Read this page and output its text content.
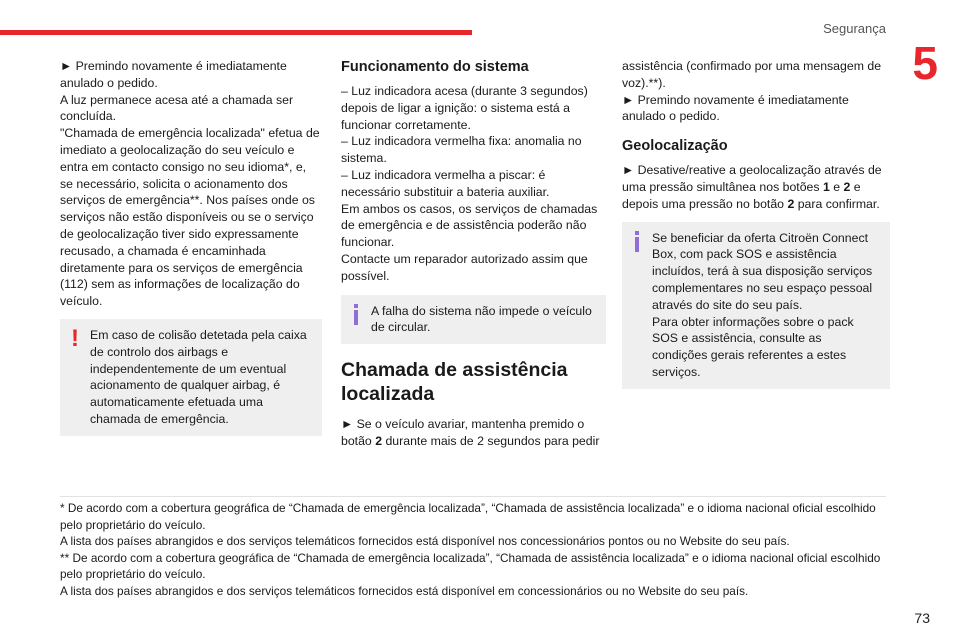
Segurança
5

► Premindo novamente é imediatamente anulado o pedido.

A luz permanece acesa até a chamada ser concluída.

"Chamada de emergência localizada" efetua de imediato a geolocalização do seu veículo e entra em contacto consigo no seu idioma*, e, se necessário, solicita o acionamento dos serviços de emergência**. Nos países onde os serviços não estão disponíveis ou se o serviço de geolocalização tiver sido expressamente recusado, a chamada é encaminhada diretamente para os serviços de emergência (112) sem as informações de localização do veículo.

! Em caso de colisão detetada pela caixa de controlo dos airbags e independentemente de um eventual acionamento de qualquer airbag, é automaticamente efetuada uma chamada de emergência.
Funcionamento do sistema

– Luz indicadora acesa (durante 3 segundos) depois de ligar a ignição: o sistema está a funcionar corretamente.

– Luz indicadora vermelha fixa: anomalia no sistema.

– Luz indicadora vermelha a piscar: é necessário substituir a bateria auxiliar.

Em ambos os casos, os serviços de chamadas de emergência e de assistência poderão não funcionar.

Contacte um reparador autorizado assim que possível.

A falha do sistema não impede o veículo de circular.
Chamada de assistência localizada

► Se o veículo avariar, mantenha premido o botão 2 durante mais de 2 segundos para pedir

assistência (confirmado por uma mensagem de voz).**).

► Premindo novamente é imediatamente anulado o pedido.

Geolocalização

► Desative/reative a geolocalização através de uma pressão simultânea nos botões 1 e 2 e depois uma pressão no botão 2 para confirmar.

Se beneficiar da oferta Citroën Connect Box, com pack SOS e assistência incluídos, terá à sua disposição serviços complementares no seu espaço pessoal através do site do seu país.

Para obter informações sobre o pack SOS e assistência, consulte as condições gerais referentes a estes serviços.

* De acordo com a cobertura geográfica de “Chamada de emergência localizada”, “Chamada de assistência localizada” e o idioma nacional oficial escolhido pelo proprietário do veículo.

A lista dos países abrangidos e dos serviços telemáticos fornecidos está disponível nos concessionários pontos ou no Website do seu país.

** De acordo com a cobertura geográfica de “Chamada de emergência localizada”, “Chamada de assistência localizada” e o idioma nacional oficial escolhido pelo proprietário do veículo.

A lista dos países abrangidos e dos serviços telemáticos fornecidos está disponível em concessionários ou no Website do seu país.

73
